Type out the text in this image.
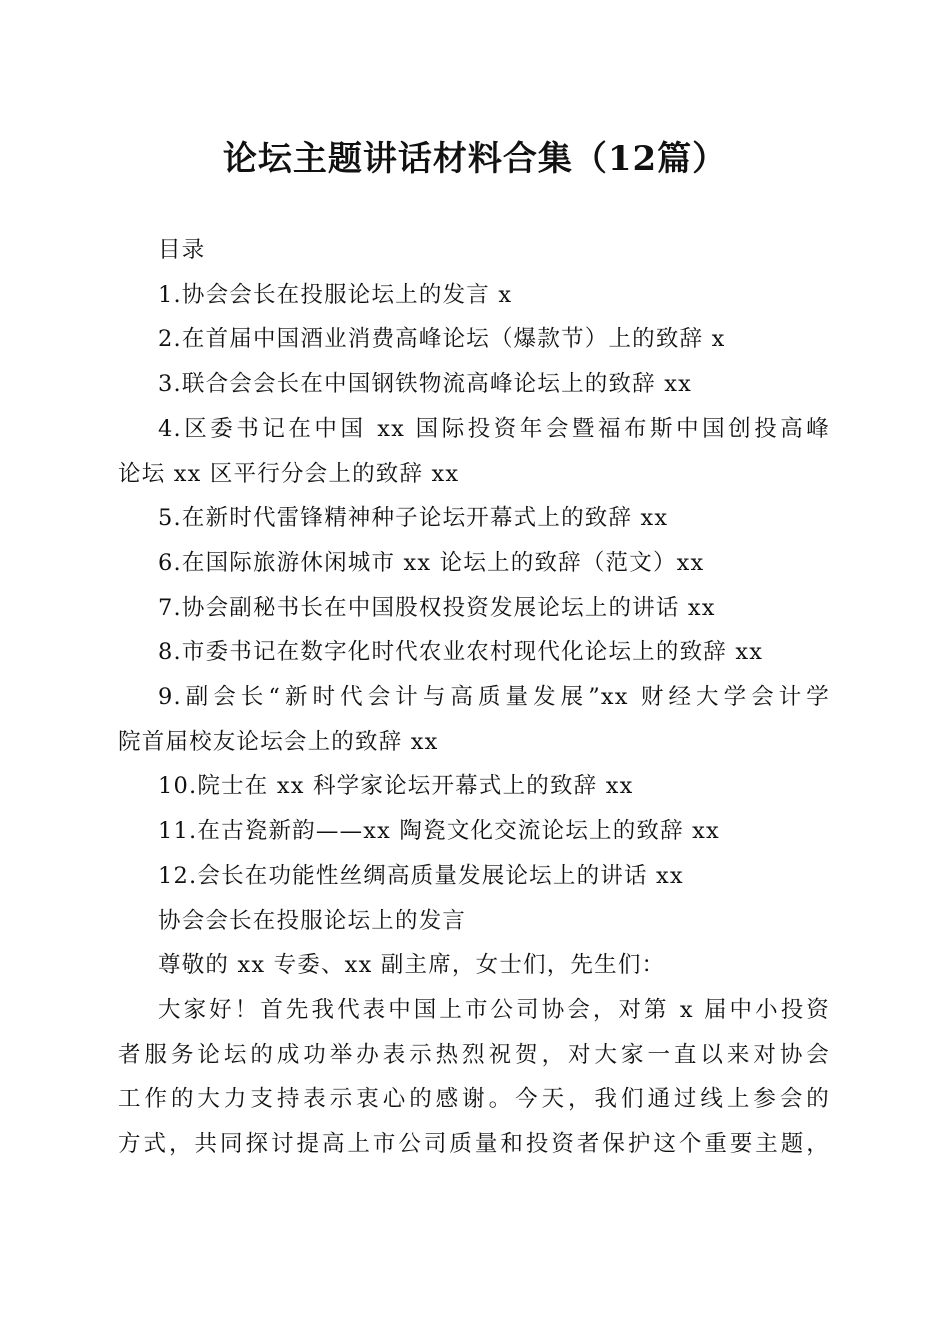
论坛主题讲话材料合集（12篇）
目录
1.协会会长在投服论坛上的发言 x
2.在首届中国酒业消费高峰论坛（爆款节）上的致辞 x
3.联合会会长在中国钢铁物流高峰论坛上的致辞 xx
4.区委书记在中国 xx 国际投资年会暨福布斯中国创投高峰
论坛 xx 区平行分会上的致辞 xx
5.在新时代雷锋精神种子论坛开幕式上的致辞 xx
6.在国际旅游休闲城市 xx 论坛上的致辞（范文）xx
7.协会副秘书长在中国股权投资发展论坛上的讲话 xx
8.市委书记在数字化时代农业农村现代化论坛上的致辞 xx
9.副会长“新时代会计与高质量发展”xx 财经大学会计学
院首届校友论坛会上的致辞 xx
10.院士在 xx 科学家论坛开幕式上的致辞 xx
11.在古瓷新韵——xx 陶瓷文化交流论坛上的致辞 xx
12.会长在功能性丝绸高质量发展论坛上的讲话 xx
协会会长在投服论坛上的发言
尊敬的 xx 专委、xx 副主席，女士们，先生们：
大家好！首先我代表中国上市公司协会，对第 x 届中小投资
者服务论坛的成功举办表示热烈祝贺，对大家一直以来对协会
工作的大力支持表示衷心的感谢。今天，我们通过线上参会的
方式，共同探讨提高上市公司质量和投资者保护这个重要主题，
